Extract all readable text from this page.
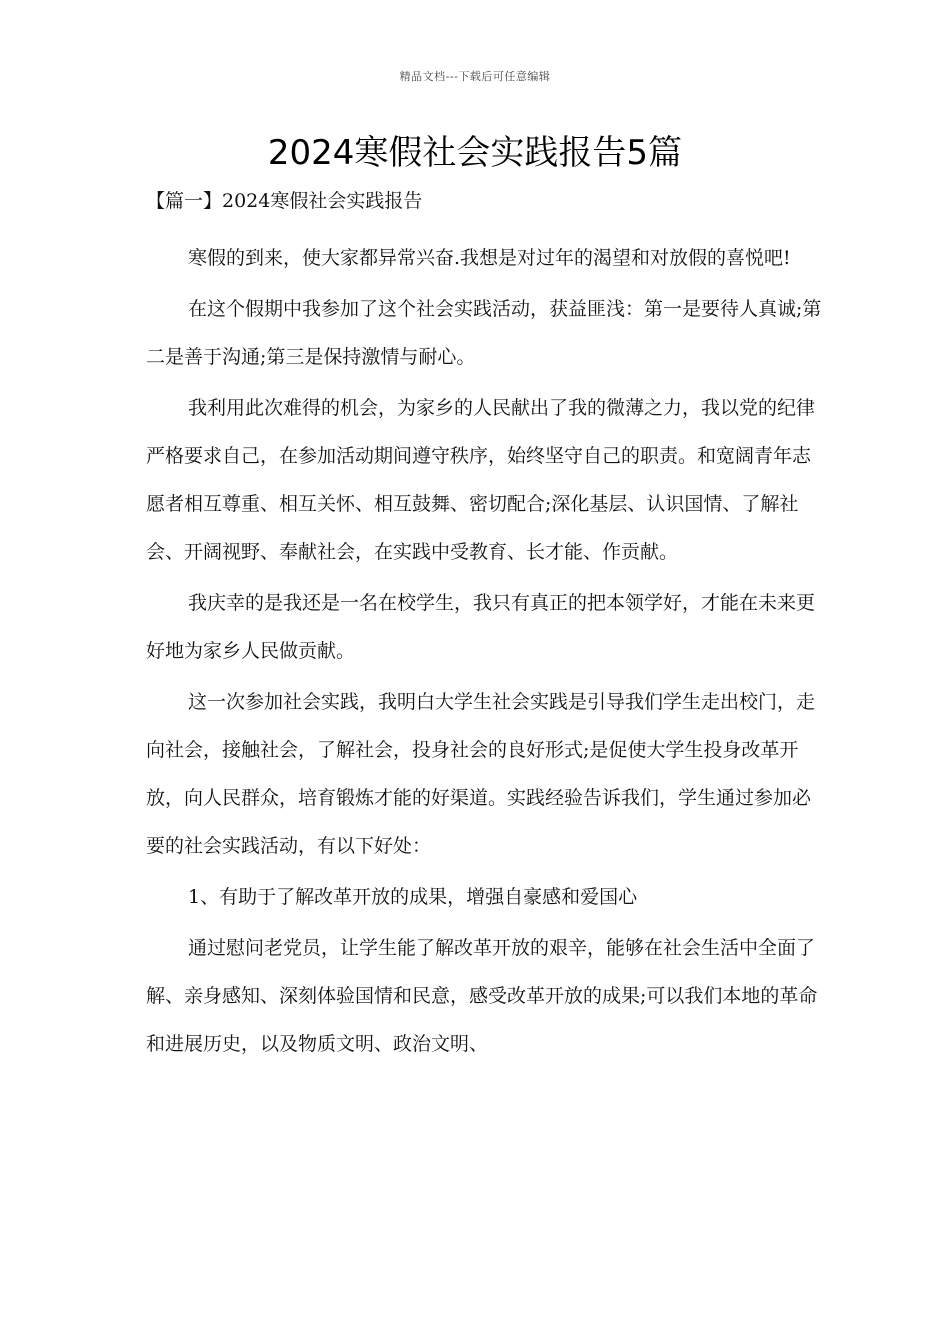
精品文档---下载后可任意编辑
2024寒假社会实践报告5篇
【篇一】2024寒假社会实践报告

寒假的到来，使大家都异常兴奋.我想是对过年的渴望和对放假的喜悦吧!

在这个假期中我参加了这个社会实践活动，获益匪浅：第一是要待人真诚;第二是善于沟通;第三是保持激情与耐心。

我利用此次难得的机会，为家乡的人民献出了我的微薄之力，我以党的纪律严格要求自己，在参加活动期间遵守秩序，始终坚守自己的职责。和宽阔青年志愿者相互尊重、相互关怀、相互鼓舞、密切配合;深化基层、认识国情、了解社会、开阔视野、奉献社会，在实践中受教育、长才能、作贡献。

我庆幸的是我还是一名在校学生，我只有真正的把本领学好，才能在未来更好地为家乡人民做贡献。

这一次参加社会实践，我明白大学生社会实践是引导我们学生走出校门，走向社会，接触社会，了解社会，投身社会的良好形式;是促使大学生投身改革开放，向人民群众，培育锻炼才能的好渠道。实践经验告诉我们，学生通过参加必要的社会实践活动，有以下好处：

1、有助于了解改革开放的成果，增强自豪感和爱国心

通过慰问老党员，让学生能了解改革开放的艰辛，能够在社会生活中全面了解、亲身感知、深刻体验国情和民意，感受改革开放的成果;可以我们本地的革命和进展历史，以及物质文明、政治文明、
